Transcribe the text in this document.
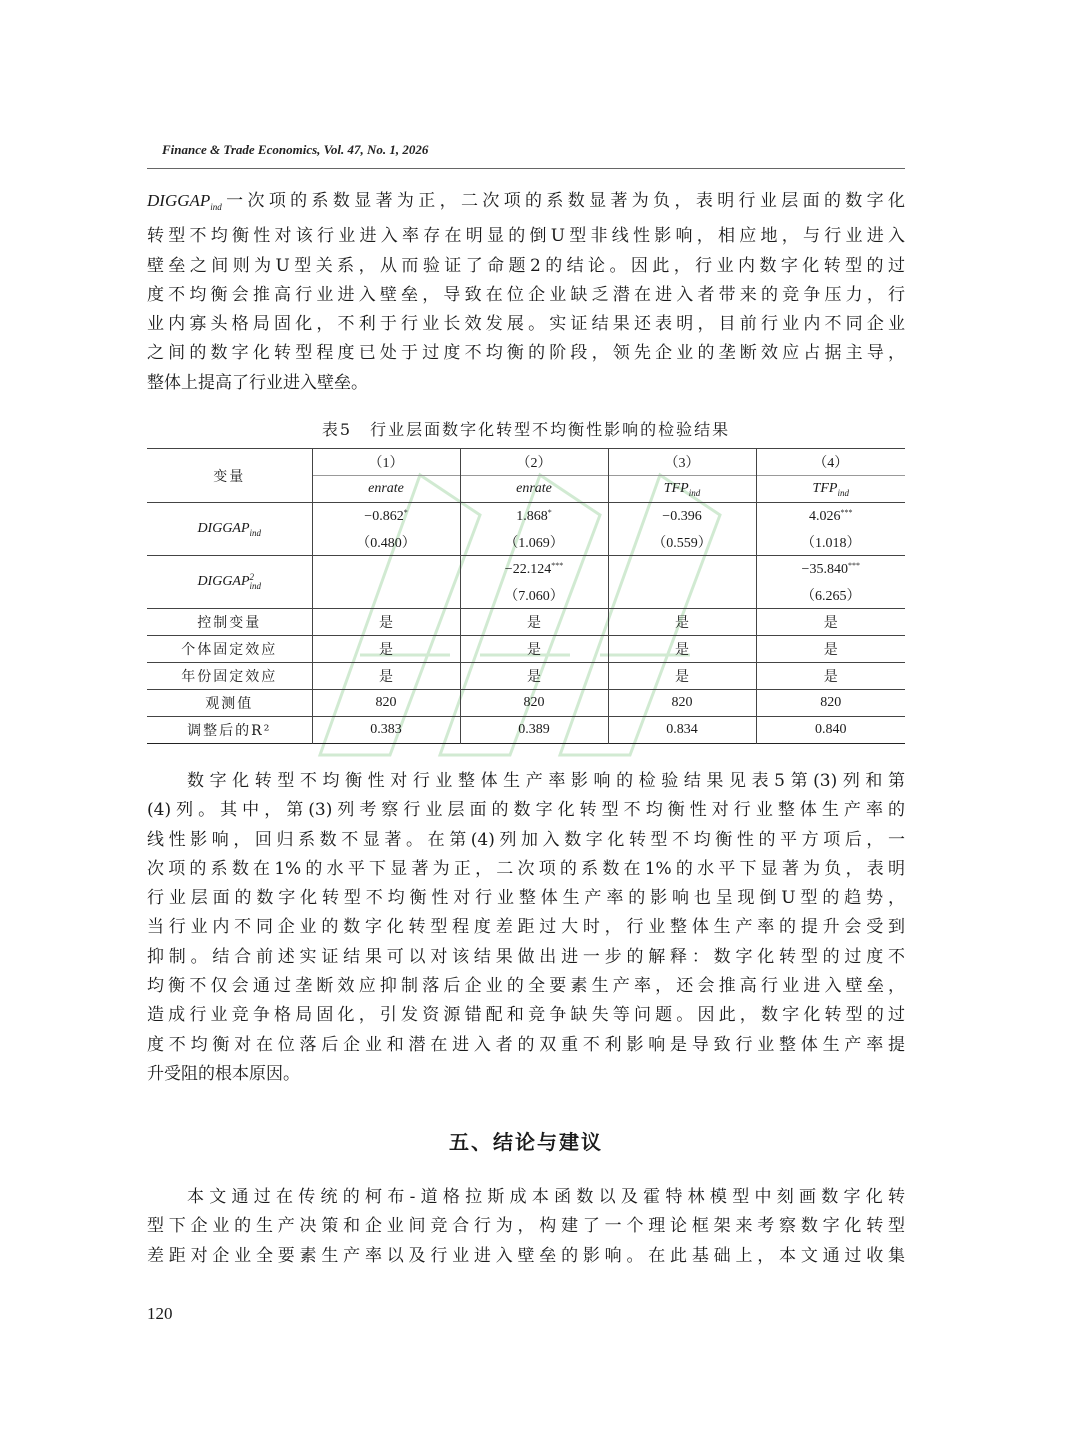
Finance & Trade Economics, Vol. 47, No. 1, 2026
$DIGGAP_{ind}$一次项的系数显著为正，二次项的系数显著为负，表明行业层面的数字化
转型不均衡性对该行业进入率存在明显的倒U型非线性影响，相应地，与行业进入
壁垒之间则为U型关系，从而验证了命题2的结论。因此，行业内数字化转型的过
度不均衡会推高行业进入壁垒，导致在位企业缺乏潜在进入者带来的竞争压力，行
业内寡头格局固化，不利于行业长效发展。实证结果还表明，目前行业内不同企业
之间的数字化转型程度已处于过度不均衡的阶段，领先企业的垄断效应占据主导，
整体上提高了行业进入壁垒。
表5　行业层面数字化转型不均衡性影响的检验结果
变量	（1）	（2）	（3）	（4）
	enrate	enrate	$TFP_{ind}$	$TFP_{ind}$
$DIGGAP_{ind}$	−0.862*	1.868*	−0.396	4.026***
	（0.480）	（1.069）	（0.559）	（1.018）
DIGGAP2
ind		−22.124***		−35.840***
		（7.060）		（6.265）
控制变量	是	是	是	是
个体固定效应	是	是	是	是
年份固定效应	是	是	是	是
观测值	820	820	820	820
调整后的R²	0.383	0.389	0.834	0.840
数字化转型不均衡性对行业整体生产率影响的检验结果见表5第(3)列和第
(4)列。其中，第(3)列考察行业层面的数字化转型不均衡性对行业整体生产率的
线性影响，回归系数不显著。在第(4)列加入数字化转型不均衡性的平方项后，一
次项的系数在1%的水平下显著为正，二次项的系数在1%的水平下显著为负，表明
行业层面的数字化转型不均衡性对行业整体生产率的影响也呈现倒U型的趋势，
当行业内不同企业的数字化转型程度差距过大时，行业整体生产率的提升会受到
抑制。结合前述实证结果可以对该结果做出进一步的解释：数字化转型的过度不
均衡不仅会通过垄断效应抑制落后企业的全要素生产率，还会推高行业进入壁垒，
造成行业竞争格局固化，引发资源错配和竞争缺失等问题。因此，数字化转型的过
度不均衡对在位落后企业和潜在进入者的双重不利影响是导致行业整体生产率提
升受阻的根本原因。
五、结论与建议
本文通过在传统的柯布-道格拉斯成本函数以及霍特林模型中刻画数字化转
型下企业的生产决策和企业间竞合行为，构建了一个理论框架来考察数字化转型
差距对企业全要素生产率以及行业进入壁垒的影响。在此基础上，本文通过收集
120
